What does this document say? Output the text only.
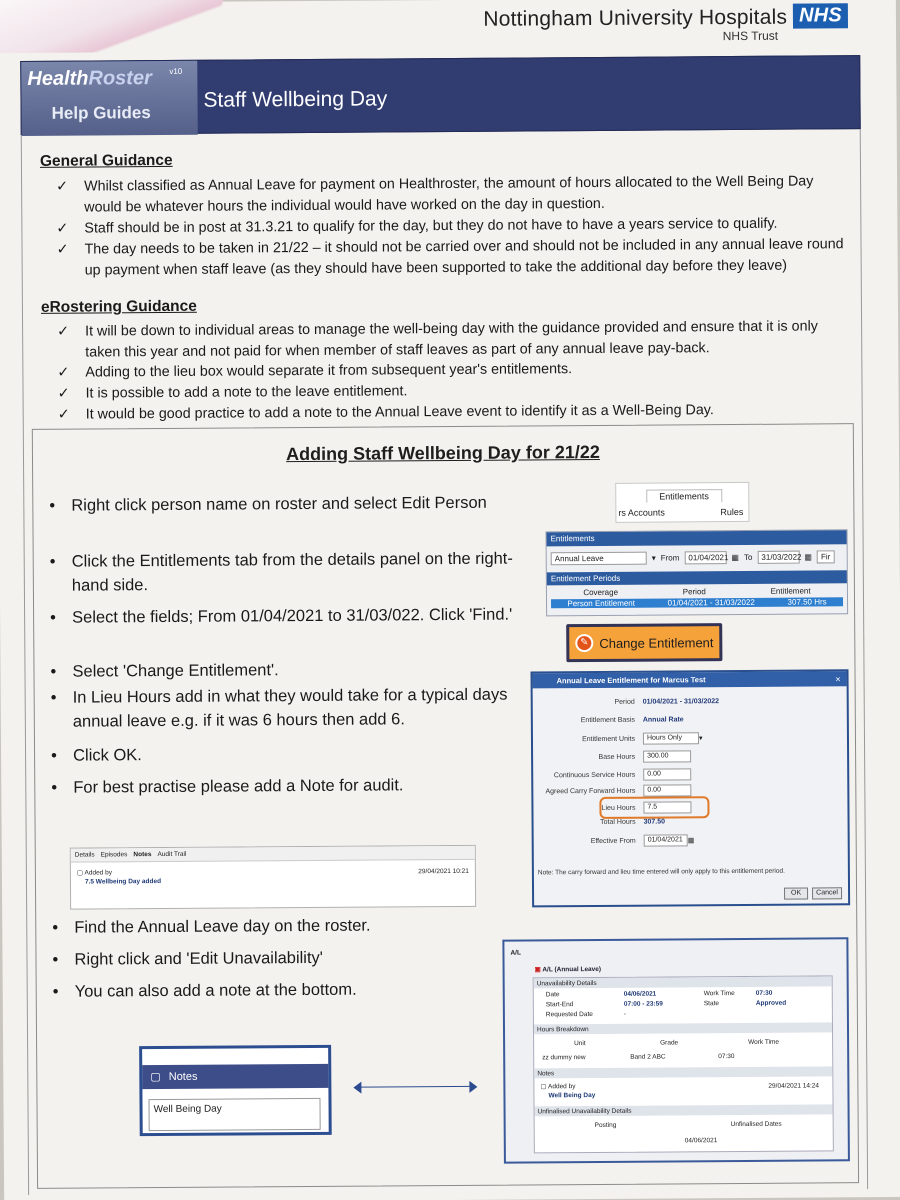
Nottingham University Hospitals NHS
NHS Trust
HealthRoster v10
Help Guides
Staff Wellbeing Day
General Guidance
✓	Whilst classified as Annual Leave for payment on Healthroster, the amount of hours allocated to the Well Being Day would be whatever hours the individual would have worked on the day in question.
✓	Staff should be in post at 31.3.21 to qualify for the day, but they do not have to have a years service to qualify.
✓	The day needs to be taken in 21/22 – it should not be carried over and should not be included in any annual leave round up payment when staff leave (as they should have been supported to take the additional day before they leave)
eRostering Guidance
✓	It will be down to individual areas to manage the well-being day with the guidance provided and ensure that it is only taken this year and not paid for when member of staff leaves as part of any annual leave pay-back.
✓	Adding to the lieu box would separate it from subsequent year's entitlements.
✓	It is possible to add a note to the leave entitlement.
✓	It would be good practice to add a note to the Annual Leave event to identify it as a Well-Being Day.
Adding Staff Wellbeing Day for 21/22
• Right click person name on roster and select Edit Person
• Click the Entitlements tab from the details panel on the right-hand side.
• Select the fields; From 01/04/2021 to 31/03/022. Click 'Find.'
• Select 'Change Entitlement'.
• In Lieu Hours add in what they would take for a typical days annual leave e.g. if it was 6 hours then add 6.
• Click OK.
• For best practise please add a Note for audit.
• Find the Annual Leave day on the roster.
• Right click and 'Edit Unavailability'
• You can also add a note at the bottom.
Entitlements
rs Accounts	Rules
Entitlements
Annual Leave	▾ From	01/04/2021 ▦ To	31/03/2022 ▦	Fir
Entitlement Periods
Coverage	Period	Entitlement
Person Entitlement	01/04/2021 - 31/03/2022	307.50 Hrs
✎ Change Entitlement
Annual Leave Entitlement for Marcus Test	×
Period	01/04/2021 - 31/03/2022
Entitlement Basis	Annual Rate
Entitlement Units	Hours Only	▾
Base Hours	300.00
Continuous Service Hours	0.00
Agreed Carry Forward Hours	0.00
Lieu Hours	7.5
Total Hours	307.50
Effective From	01/04/2021 ▦
Note: The carry forward and lieu time entered will only apply to this entitlement period.
OK	Cancel
Details Episodes Notes Audit Trail
▢ Added by
7.5 Wellbeing Day added
29/04/2021 10:21
A/L
▣ A/L (Annual Leave)
Unavailability Details
Date	04/06/2021
Start-End	07:00 - 23:59
Requested Date	-
Work Time	07:30
State	Approved
Hours Breakdown
Unit	Grade	Work Time
zz dummy new	Band 2 ABC	07:30
Notes
▢ Added by
Well Being Day
29/04/2021 14:24
Unfinalised Unavailability Details
Posting	Unfinalised Dates
04/06/2021
▢ Notes
Well Being Day
